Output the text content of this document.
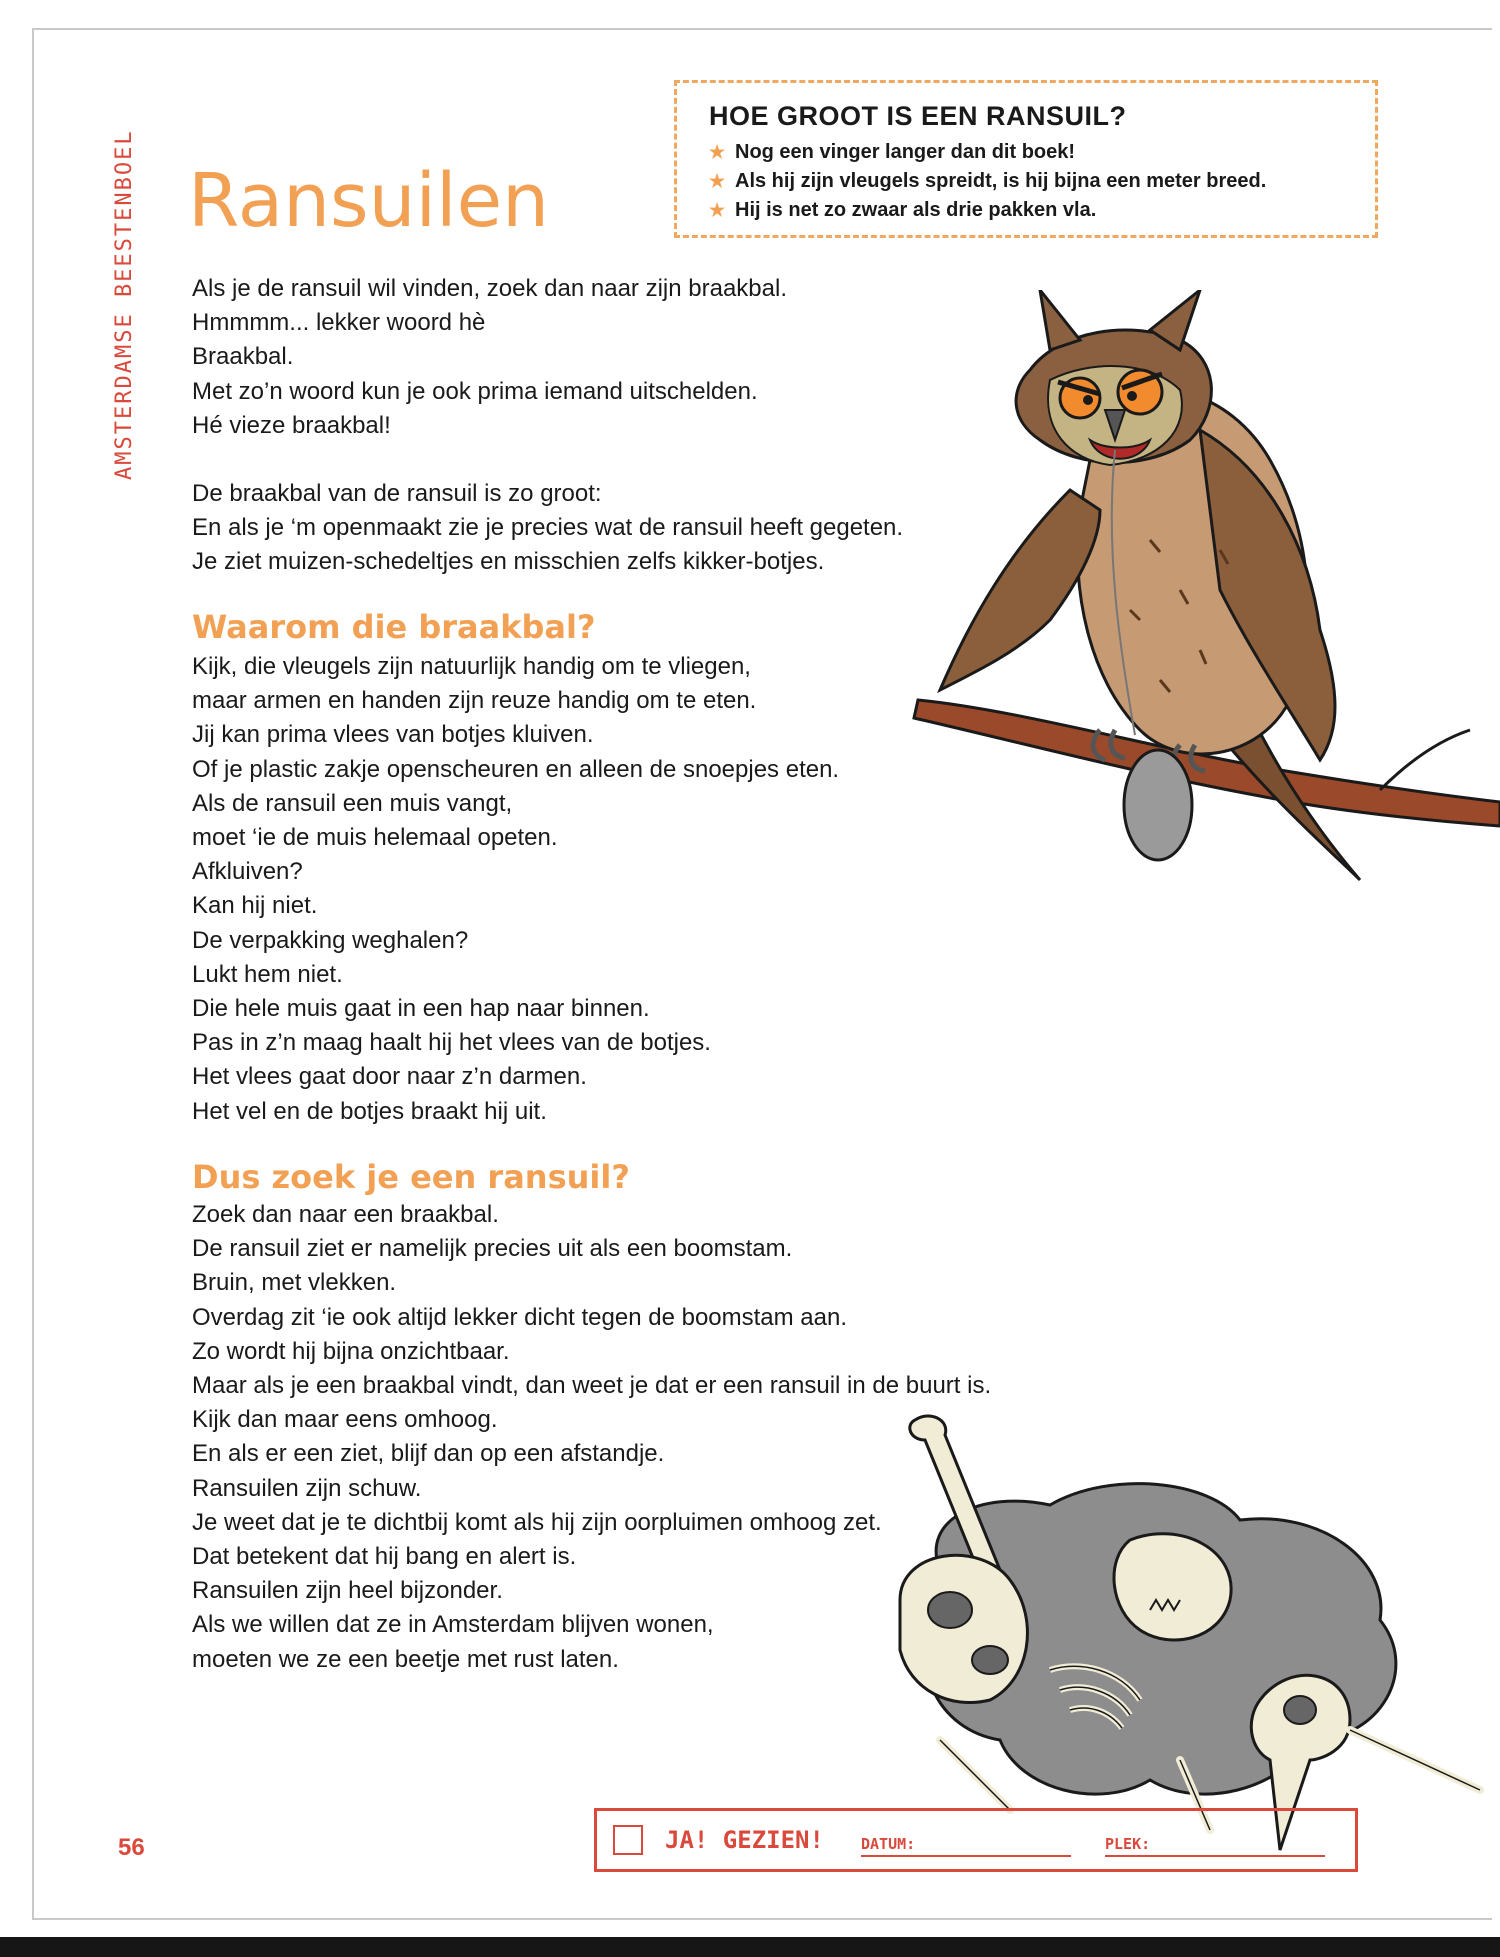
AMSTERDAMSE BEESTENBOEL Ransuilen
HOE GROOT IS EEN RANSUIL?
★ Nog een vinger langer dan dit boek!
★ Als hij zijn vleugels spreidt, is hij bijna een meter breed.
★ Hij is net zo zwaar als drie pakken vla.
Als je de ransuil wil vinden, zoek dan naar zijn braakbal.
Hmmmm... lekker woord hè
Braakbal.
Met zo’n woord kun je ook prima iemand uitschelden.
Hé vieze braakbal!
De braakbal van de ransuil is zo groot:
En als je ‘m openmaakt zie je precies wat de ransuil heeft gegeten.
Je ziet muizen-schedeltjes en misschien zelfs kikker-botjes.
Waarom die braakbal?
Kijk, die vleugels zijn natuurlijk handig om te vliegen,
maar armen en handen zijn reuze handig om te eten.
Jij kan prima vlees van botjes kluiven.
Of je plastic zakje openscheuren en alleen de snoepjes eten.
Als de ransuil een muis vangt,
moet ‘ie de muis helemaal opeten.
Afkluiven?
Kan hij niet.
De verpakking weghalen?
Lukt hem niet.
Die hele muis gaat in een hap naar binnen.
Pas in z’n maag haalt hij het vlees van de botjes.
Het vlees gaat door naar z’n darmen.
Het vel en de botjes braakt hij uit.
Dus zoek je een ransuil?
Zoek dan naar een braakbal.
De ransuil ziet er namelijk precies uit als een boomstam.
Bruin, met vlekken.
Overdag zit ‘ie ook altijd lekker dicht tegen de boomstam aan.
Zo wordt hij bijna onzichtbaar.
Maar als je een braakbal vindt, dan weet je dat er een ransuil in de buurt is.
Kijk dan maar eens omhoog.
En als er een ziet, blijf dan op een afstandje.
Ransuilen zijn schuw.
Je weet dat je te dichtbij komt als hij zijn oorpluimen omhoog zet.
Dat betekent dat hij bang en alert is.
Ransuilen zijn heel bijzonder.
Als we willen dat ze in Amsterdam blijven wonen,
moeten we ze een beetje met rust laten.
56	JA! GEZIEN! DATUM:	PLEK:
